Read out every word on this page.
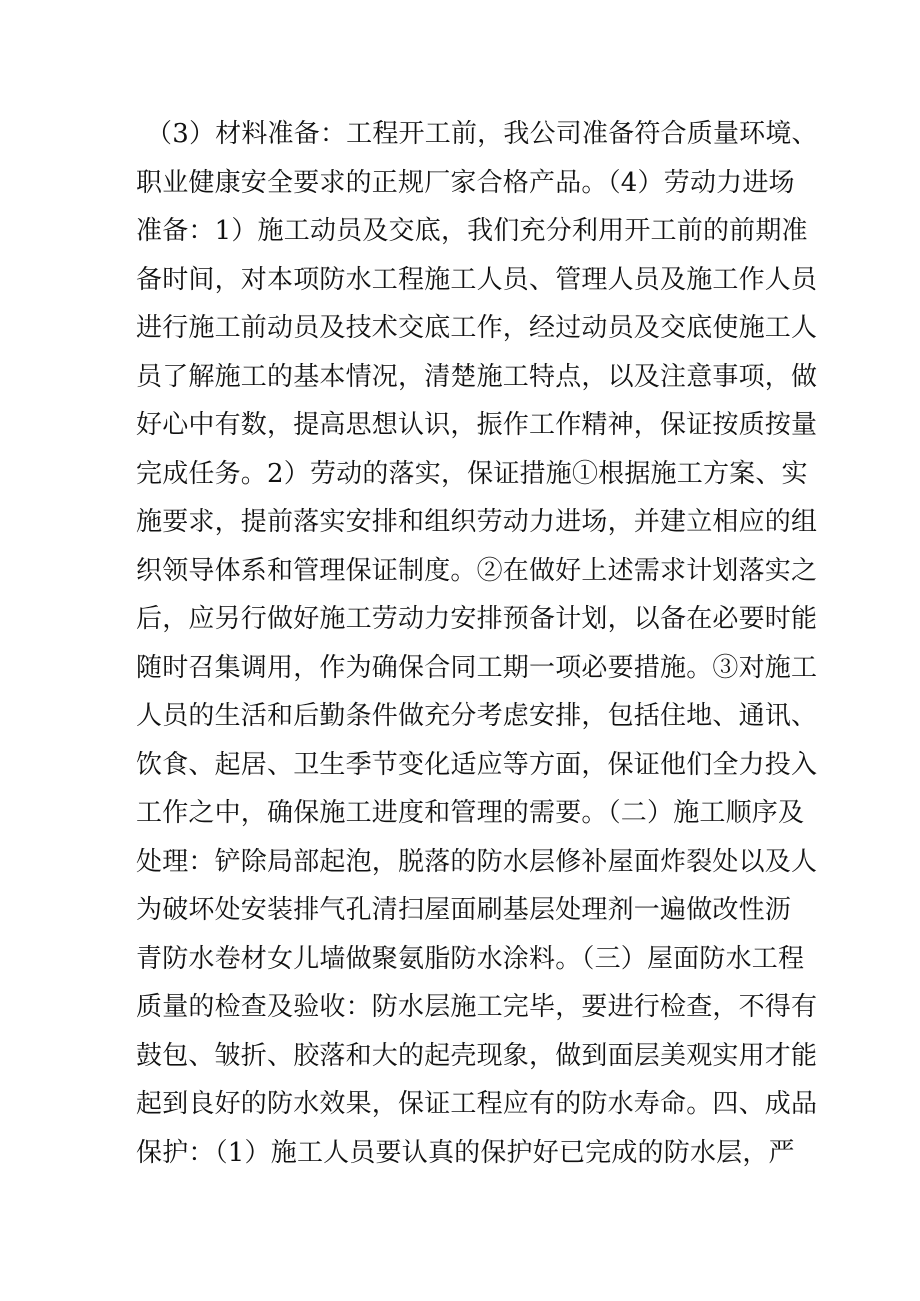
（3）材料准备：工程开工前，我公司准备符合质量环境、
职业健康安全要求的正规厂家合格产品。（4）劳动力进场
准备：1）施工动员及交底，我们充分利用开工前的前期准
备时间，对本项防水工程施工人员、管理人员及施工作人员
进行施工前动员及技术交底工作，经过动员及交底使施工人
员了解施工的基本情况，清楚施工特点，以及注意事项，做
好心中有数，提高思想认识，振作工作精神，保证按质按量
完成任务。2）劳动的落实，保证措施①根据施工方案、实
施要求，提前落实安排和组织劳动力进场，并建立相应的组
织领导体系和管理保证制度。②在做好上述需求计划落实之
后，应另行做好施工劳动力安排预备计划，以备在必要时能
随时召集调用，作为确保合同工期一项必要措施。③对施工
人员的生活和后勤条件做充分考虑安排，包括住地、通讯、
饮食、起居、卫生季节变化适应等方面，保证他们全力投入
工作之中，确保施工进度和管理的需要。（二）施工顺序及
处理：铲除局部起泡，脱落的防水层修补屋面炸裂处以及人
为破坏处安装排气孔清扫屋面刷基层处理剂一遍做改性沥
青防水卷材女儿墙做聚氨脂防水涂料。（三）屋面防水工程
质量的检查及验收：防水层施工完毕，要进行检查，不得有
鼓包、皱折、胶落和大的起壳现象，做到面层美观实用才能
起到良好的防水效果，保证工程应有的防水寿命。四、成品
保护：（1）施工人员要认真的保护好已完成的防水层，严
